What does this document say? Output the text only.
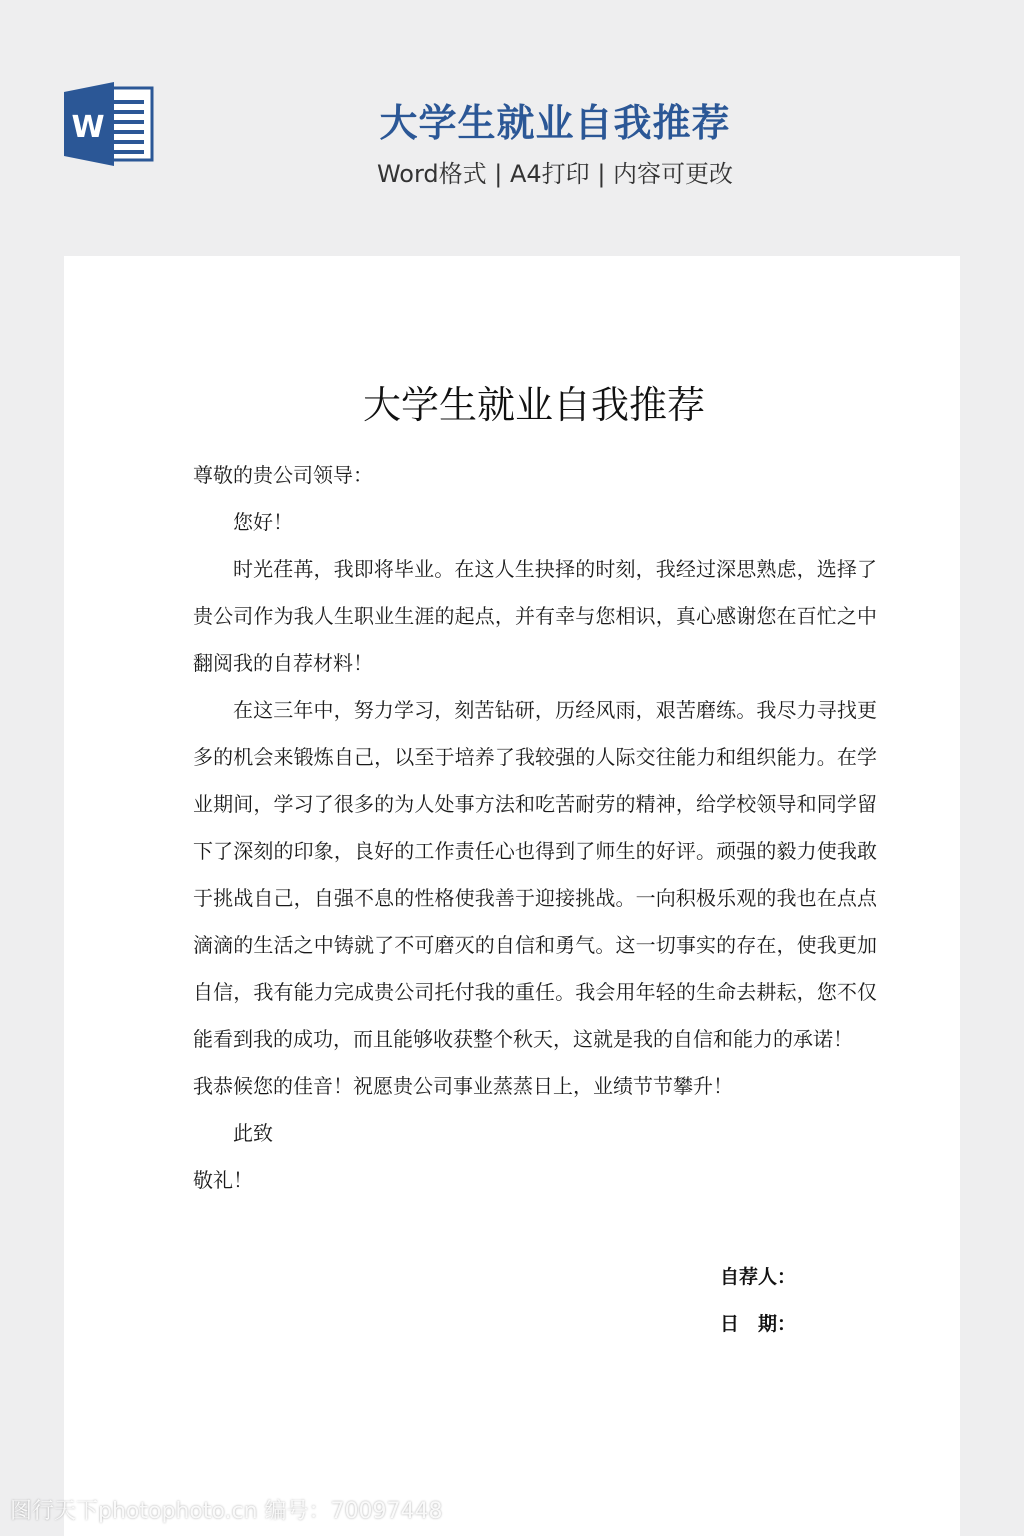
W	大学生就业自我推荐
Word格式 | A4打印 | 内容可更改
大学生就业自我推荐

尊敬的贵公司领导：

您好！

时光荏苒，我即将毕业。在这人生抉择的时刻，我经过深思熟虑，选择了贵公司作为我人生职业生涯的起点，并有幸与您相识，真心感谢您在百忙之中翻阅我的自荐材料！

在这三年中，努力学习，刻苦钻研，历经风雨，艰苦磨练。我尽力寻找更多的机会来锻炼自己，以至于培养了我较强的人际交往能力和组织能力。在学业期间，学习了很多的为人处事方法和吃苦耐劳的精神，给学校领导和同学留下了深刻的印象，良好的工作责任心也得到了师生的好评。顽强的毅力使我敢于挑战自己，自强不息的性格使我善于迎接挑战。一向积极乐观的我也在点点滴滴的生活之中铸就了不可磨灭的自信和勇气。这一切事实的存在，使我更加自信，我有能力完成贵公司托付我的重任。我会用年轻的生命去耕耘，您不仅能看到我的成功，而且能够收获整个秋天，这就是我的自信和能力的承诺！

我恭候您的佳音！祝愿贵公司事业蒸蒸日上，业绩节节攀升！

此致

敬礼！

自荐人：
日　期：
图行天下photophoto.cn 编号：70097448
